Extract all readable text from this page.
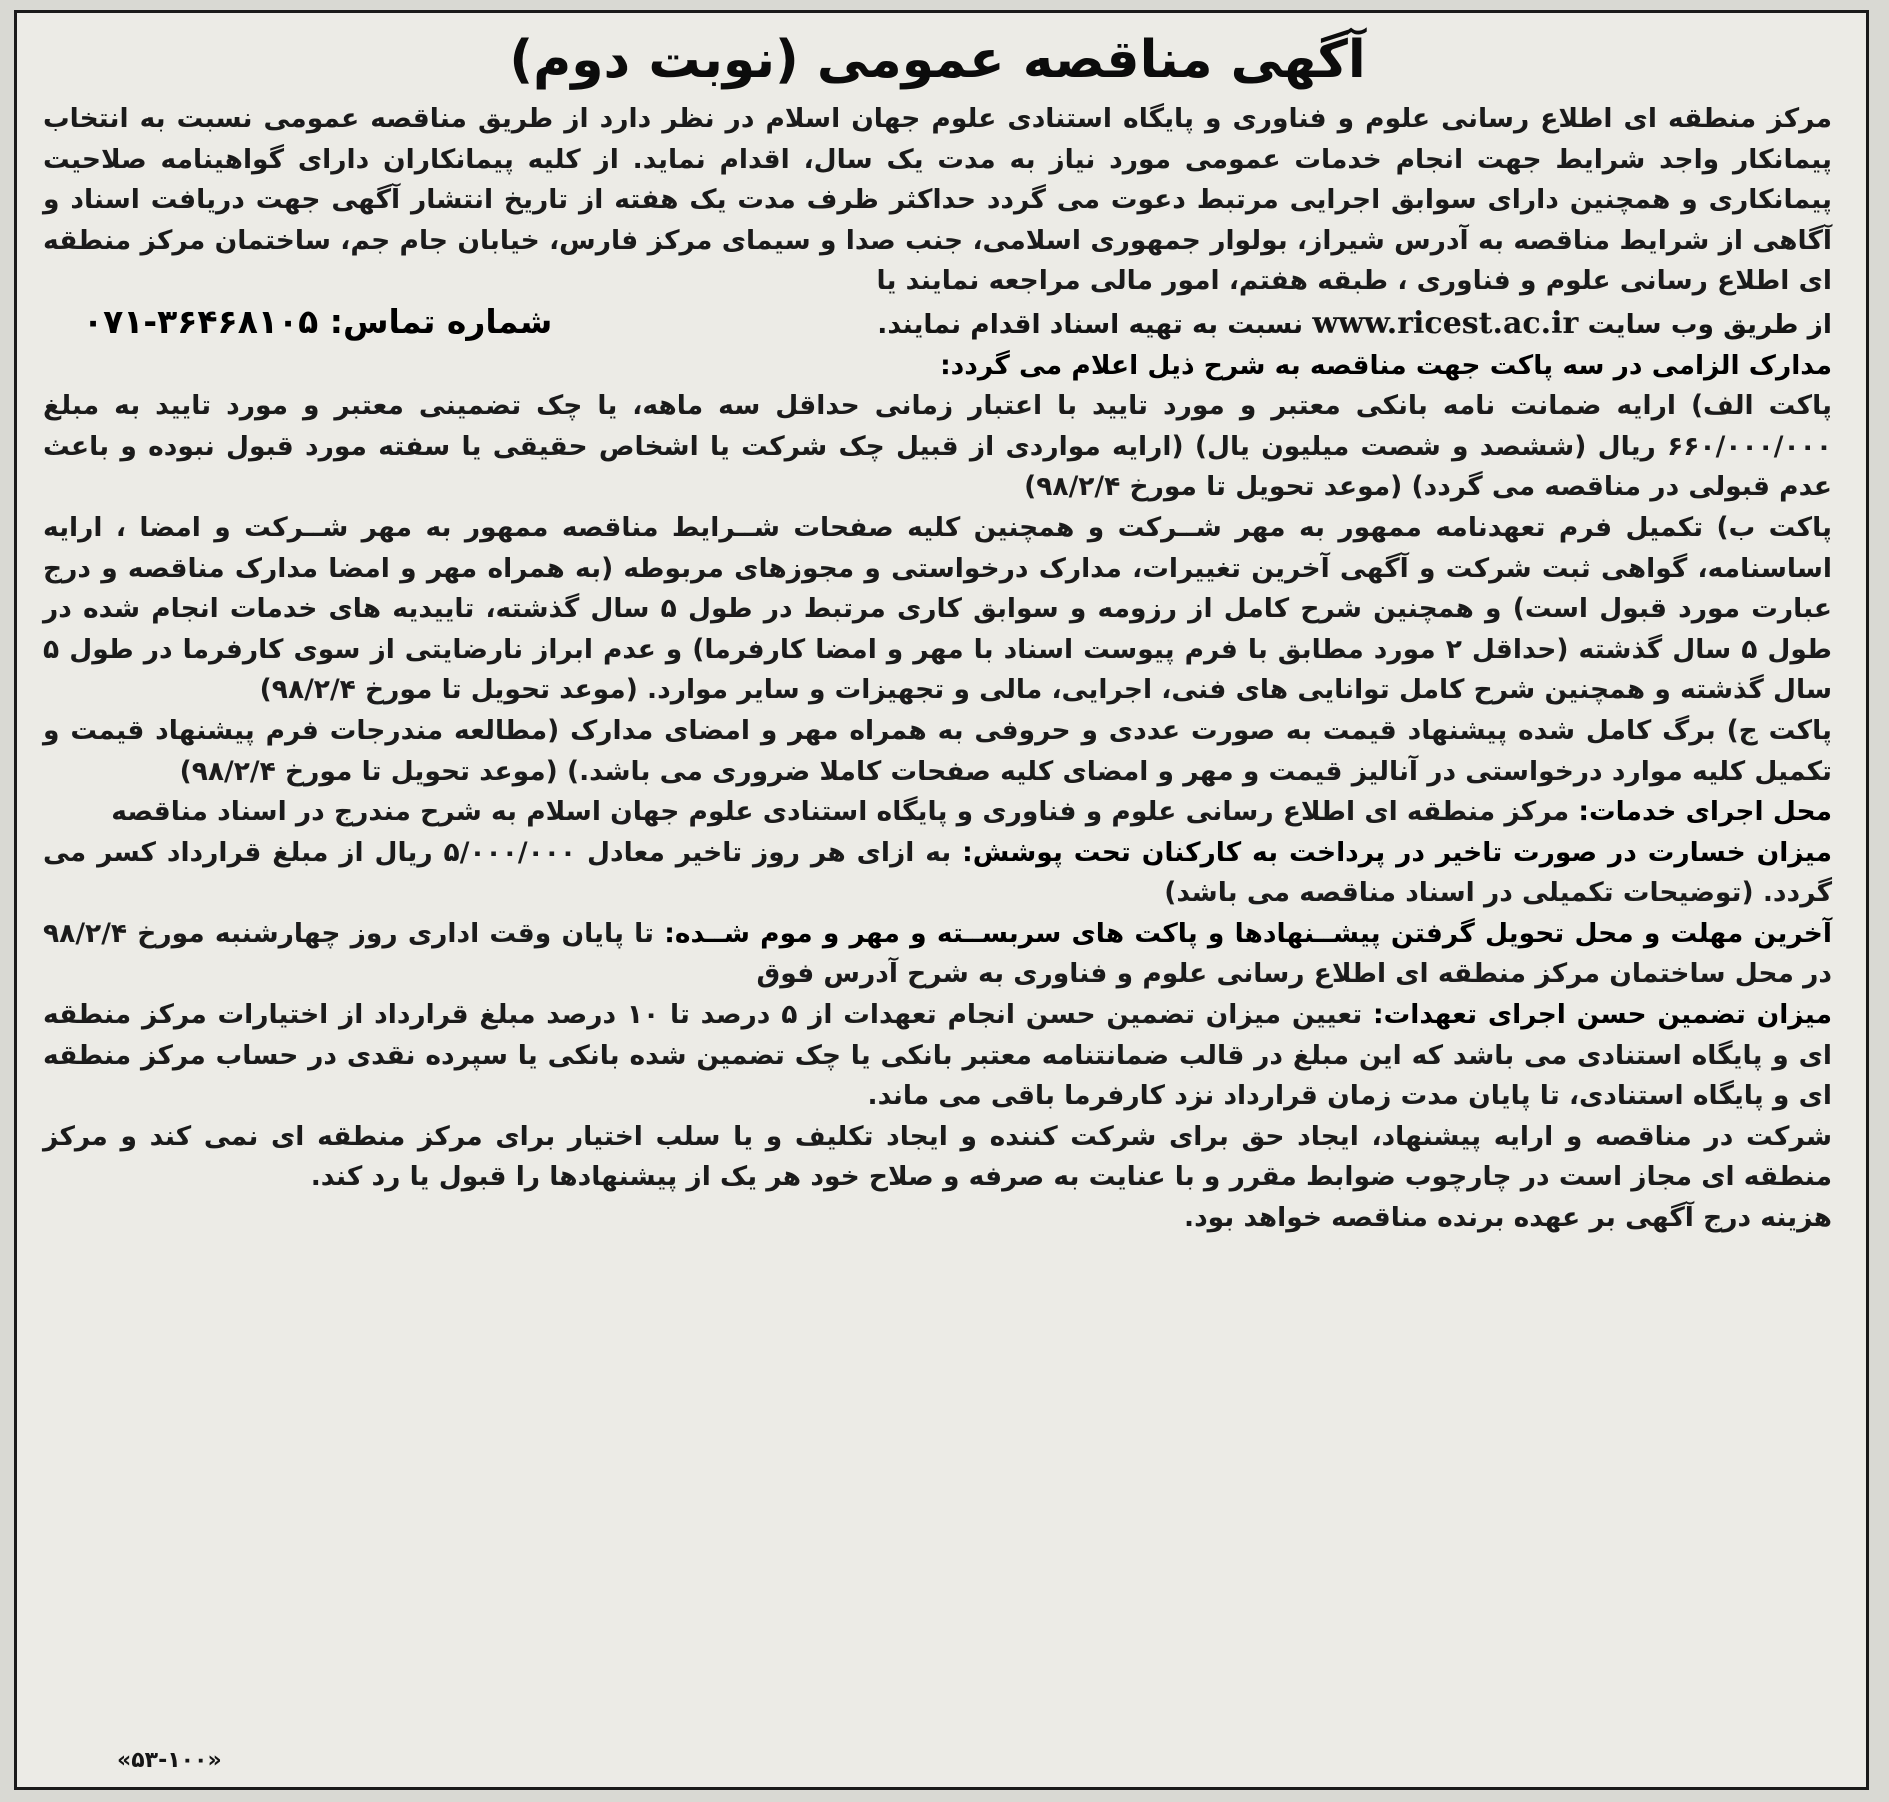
آگهی مناقصه عمومی (نوبت دوم)

مرکز منطقه ای اطلاع رسانی علوم و فناوری و پایگاه استنادی علوم جهان اسلام در نظر دارد از طریق مناقصه عمومی نسبت به انتخاب پیمانکار واجد شرایط جهت انجام خدمات عمومی مورد نیاز به مدت یک سال، اقدام نماید. از کلیه پیمانکاران دارای گواهینامه صلاحیت پیمانکاری و همچنین دارای سوابق اجرایی مرتبط دعوت می گردد حداکثر ظرف مدت یک هفته از تاریخ انتشار آگهی جهت دریافت اسناد و آگاهی از شرایط مناقصه به آدرس شیراز، بولوار جمهوری اسلامی، جنب صدا و سیمای مرکز فارس، خیابان جام جم، ساختمان مرکز منطقه ای اطلاع رسانی علوم و فناوری ، طبقه هفتم، امور مالی مراجعه نمایند یا

از طریق وب سایت www.ricest.ac.ir نسبت به تهیه اسناد اقدام نمایند.
شماره تماس: ۰۷۱-۳۶۴۶۸۱۰۵

مدارک الزامی در سه پاکت جهت مناقصه به شرح ذیل اعلام می گردد:

پاکت الف) ارایه ضمانت نامه بانکی معتبر و مورد تایید با اعتبار زمانی حداقل سه ماهه، یا چک تضمینی معتبر و مورد تایید به مبلغ ۶۶۰/۰۰۰/۰۰۰ ریال (ششصد و شصت میلیون یال) (ارایه مواردی از قبیل چک شرکت یا اشخاص حقیقی یا سفته مورد قبول نبوده و باعث عدم قبولی در مناقصه می گردد) (موعد تحویل تا مورخ ۹۸/۲/۴)

پاکت ب) تکمیل فرم تعهدنامه ممهور به مهر شــرکت و همچنین کلیه صفحات شــرایط مناقصه ممهور به مهر شــرکت و امضا ، ارایه اساسنامه، گواهی ثبت شرکت و آگهی آخرین تغییرات، مدارک درخواستی و مجوزهای مربوطه (به همراه مهر و امضا مدارک مناقصه و درج عبارت مورد قبول است) و همچنین شرح کامل از رزومه و سوابق کاری مرتبط در طول ۵ سال گذشته، تاییدیه های خدمات انجام شده در طول ۵ سال گذشته (حداقل ۲ مورد مطابق با فرم پیوست اسناد با مهر و امضا کارفرما) و عدم ابراز نارضایتی از سوی کارفرما در طول ۵ سال گذشته و همچنین شرح کامل توانایی های فنی، اجرایی، مالی و تجهیزات و سایر موارد. (موعد تحویل تا مورخ ۹۸/۲/۴)

پاکت ج) برگ کامل شده پیشنهاد قیمت به صورت عددی و حروفی به همراه مهر و امضای مدارک (مطالعه مندرجات فرم پیشنهاد قیمت و تکمیل کلیه موارد درخواستی در آنالیز قیمت و مهر و امضای کلیه صفحات کاملا ضروری می باشد.) (موعد تحویل تا مورخ ۹۸/۲/۴)

محل اجرای خدمات: مرکز منطقه ای اطلاع رسانی علوم و فناوری و پایگاه استنادی علوم جهان اسلام به شرح مندرج در اسناد مناقصه

میزان خسارت در صورت تاخیر در پرداخت به کارکنان تحت پوشش: به ازای هر روز تاخیر معادل ۵/۰۰۰/۰۰۰ ریال از مبلغ قرارداد کسر می گردد. (توضیحات تکمیلی در اسناد مناقصه می باشد)

آخرین مهلت و محل تحویل گرفتن پیشــنهادها و پاکت های سربســته و مهر و موم شــده: تا پایان وقت اداری روز چهارشنبه مورخ ۹۸/۲/۴ در محل ساختمان مرکز منطقه ای اطلاع رسانی علوم و فناوری به شرح آدرس فوق

میزان تضمین حسن اجرای تعهدات: تعیین میزان تضمین حسن انجام تعهدات از ۵ درصد تا ۱۰ درصد مبلغ قرارداد از اختیارات مرکز منطقه ای و پایگاه استنادی می باشد که این مبلغ در قالب ضمانتنامه معتبر بانکی یا چک تضمین شده بانکی یا سپرده نقدی در حساب مرکز منطقه ای و پایگاه استنادی، تا پایان مدت زمان قرارداد نزد کارفرما باقی می ماند.

شرکت در مناقصه و ارایه پیشنهاد، ایجاد حق برای شرکت کننده و ایجاد تکلیف و یا سلب اختیار برای مرکز منطقه ای نمی کند و مرکز منطقه ای مجاز است در چارچوب ضوابط مقرر و با عنایت به صرفه و صلاح خود هر یک از پیشنهادها را قبول یا رد کند.

هزینه درج آگهی بر عهده برنده مناقصه خواهد بود.

«۵۳-۱۰۰»
